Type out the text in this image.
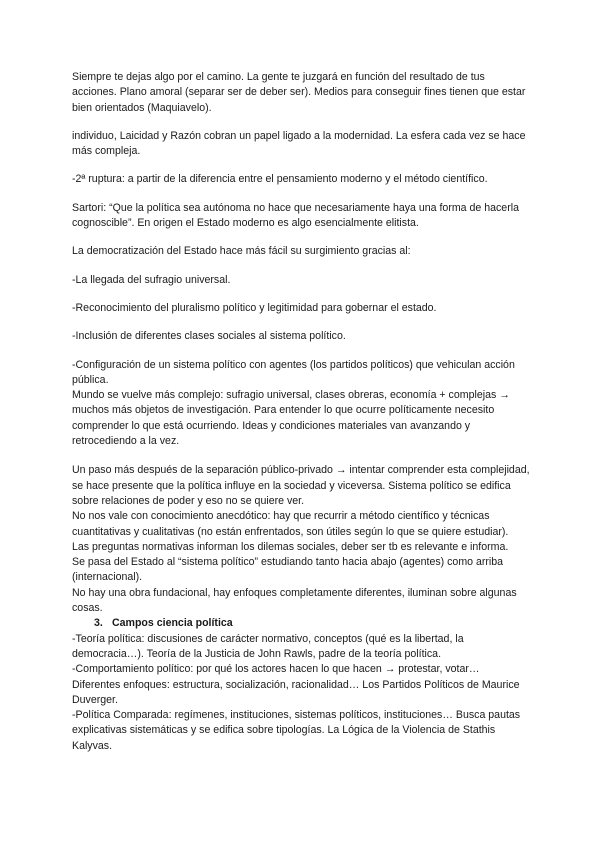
Siempre te dejas algo por el camino. La gente te juzgará en función del resultado de tus acciones. Plano amoral (separar ser de deber ser). Medios para conseguir fines tienen que estar bien orientados (Maquiavelo).

individuo, Laicidad y Razón cobran un papel ligado a la modernidad. La esfera cada vez se hace más compleja.

-2ª ruptura: a partir de la diferencia entre el pensamiento moderno y el método científico.

Sartori: “Que la política sea autónoma no hace que necesariamente haya una forma de hacerla cognoscible”. En origen el Estado moderno es algo esencialmente elitista.

La democratización del Estado hace más fácil su surgimiento gracias al:

-La llegada del sufragio universal.

-Reconocimiento del pluralismo político y legitimidad para gobernar el estado.

-Inclusión de diferentes clases sociales al sistema político.

-Configuración de un sistema político con agentes (los partidos políticos) que vehiculan acción pública.

Mundo se vuelve más complejo: sufragio universal, clases obreras, economía + complejas → muchos más objetos de investigación. Para entender lo que ocurre políticamente necesito comprender lo que está ocurriendo. Ideas y condiciones materiales van avanzando y retrocediendo a la vez.

Un paso más después de la separación público-privado → intentar comprender esta complejidad, se hace presente que la política influye en la sociedad y viceversa. Sistema político se edifica sobre relaciones de poder y eso no se quiere ver.

No nos vale con conocimiento anecdótico: hay que recurrir a método científico y técnicas cuantitativas y cualitativas (no están enfrentados, son útiles según lo que se quiere estudiar).

Las preguntas normativas informan los dilemas sociales, deber ser tb es relevante e informa.

Se pasa del Estado al “sistema político” estudiando tanto hacia abajo (agentes) como arriba (internacional).

No hay una obra fundacional, hay enfoques completamente diferentes, iluminan sobre algunas cosas.

3. Campos ciencia política

-Teoría política: discusiones de carácter normativo, conceptos (qué es la libertad, la democracia…). Teoría de la Justicia de John Rawls, padre de la teoría política.

-Comportamiento político: por qué los actores hacen lo que hacen → protestar, votar…

Diferentes enfoques: estructura, socialización, racionalidad… Los Partidos Políticos de Maurice Duverger.

-Política Comparada: regímenes, instituciones, sistemas políticos, instituciones… Busca pautas explicativas sistemáticas y se edifica sobre tipologías. La Lógica de la Violencia de Stathis Kalyvas.
